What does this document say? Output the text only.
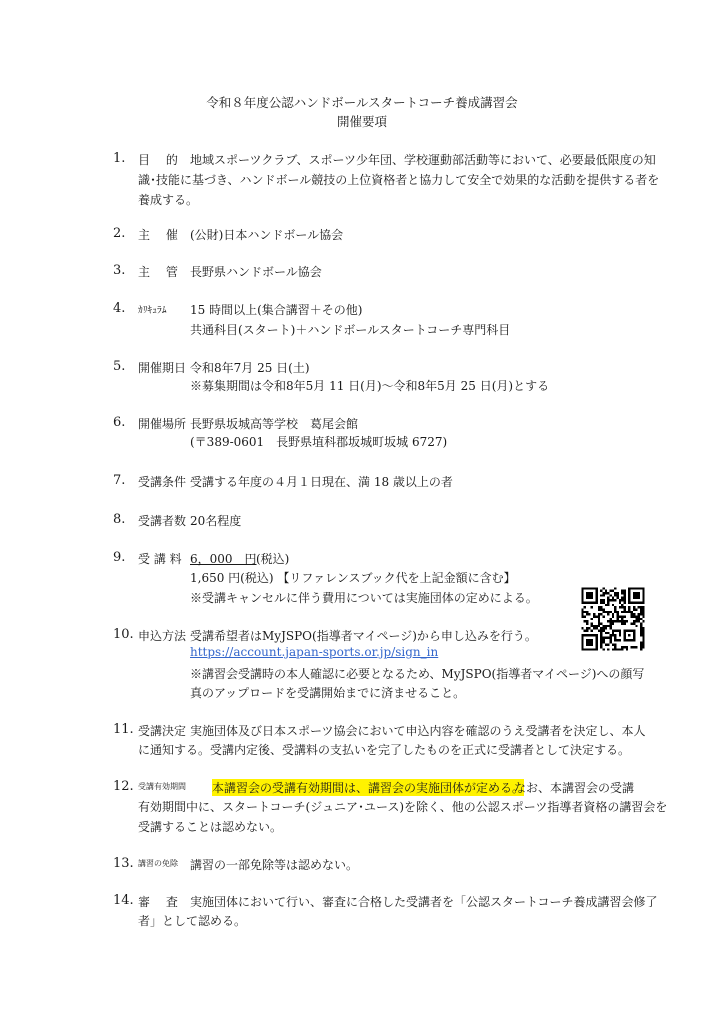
令和８年度公認ハンドボールスタートコーチ養成講習会
開催要項
1. 目　 的 地域スポーツクラブ、スポーツ少年団、学校運動部活動等において、必要最低限度の知
識･技能に基づき、ハンドボール競技の上位資格者と協力して安全で効果的な活動を提供する者を
養成する。
2. 主　 催 (公財)日本ハンドボール協会
3. 主　 管 長野県ハンドボール協会
4. ｶﾘｷｭﾗﾑ 15 時間以上(集合講習＋その他)
共通科目(スタート)＋ハンドボールスタートコーチ専門科目
5. 開催期日 令和8年7月 25 日(土)
※募集期間は令和8年5月 11 日(月)～令和8年5月 25 日(月)とする
6. 開催場所 長野県坂城高等学校　葛尾会館
(〒389-0601　長野県埴科郡坂城町坂城 6727)
7. 受講条件 受講する年度の４月１日現在、満 18 歳以上の者
8. 受講者数 20名程度
9. 受 講 料 6，000　円 (税込)
1,650 円(税込) 【リファレンスブック代を上記金額に含む】
※受講キャンセルに伴う費用については実施団体の定めによる。
10. 申込方法 受講希望者はMyJSPO(指導者マイページ)から申し込みを行う。
https://account.japan-sports.or.jp/sign_in
※講習会受講時の本人確認に必要となるため、MyJSPO(指導者マイページ)への顔写
真のアップロードを受講開始までに済ませること。
11. 受講決定 実施団体及び日本スポーツ協会において申込内容を確認のうえ受講者を決定し、本人
に通知する。受講内定後、受講料の支払いを完了したものを正式に受講者として決定する。
12. 受講有効期間 本講習会の受講有効期間は、講習会の実施団体が定める。
なお、本講習会の受講
有効期間中に、スタートコーチ(ジュニア･ユース)を除く、他の公認スポーツ指導者資格の講習会を
受講することは認めない。
13. 講習の免除 講習の一部免除等は認めない。
14. 審　 査 実施団体において行い、審査に合格した受講者を「公認スタートコーチ養成講習会修了
者」として認める。
